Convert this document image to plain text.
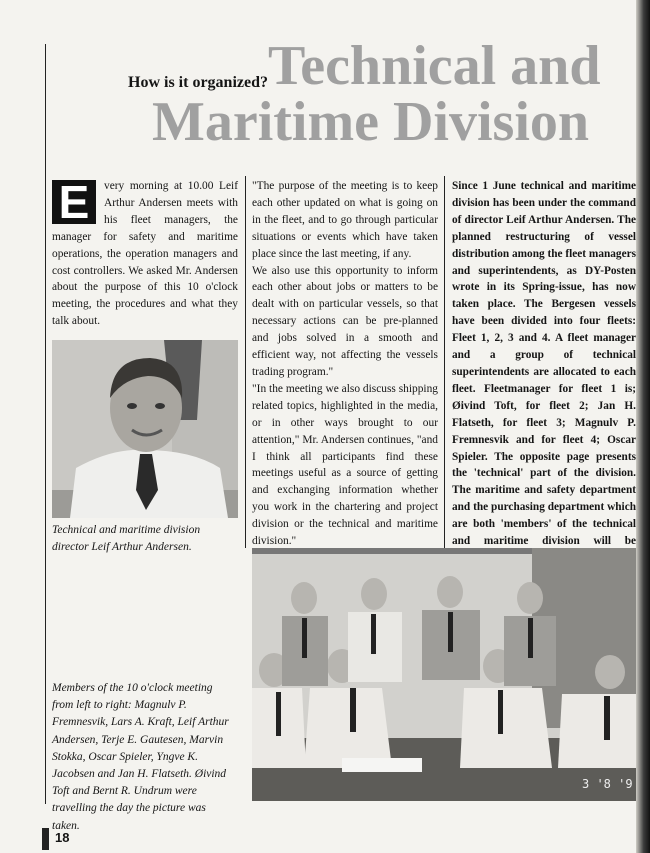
How is it organized? Technical and
Maritime Division
E	very morning at 10.00 Leif Arthur Andersen meets with his fleet managers, the manager for safety and maritime operations, the operation managers and cost controllers. We asked Mr. Andersen about the purpose of this 10 o'clock meeting, the procedures and what they talk about.

"The purpose of the meeting is to keep each other updated on what is going on in the fleet, and to go through particular situations or events which have taken place since the last meeting, if any.

We also use this opportunity to inform each other about jobs or matters to be dealt with on particular vessels, so that necessary actions can be pre-planned and jobs solved in a smooth and efficient way, not affecting the vessels trading program."

"In the meeting we also discuss shipping related topics, highlighted in the media, or in other ways brought to our attention," Mr. Andersen continues, "and I think all participants find these meetings useful as a source of getting and exchanging information whether you work in the chartering and project division or the technical and maritime division."

Since 1 June technical and maritime division has been under the command of director Leif Arthur Andersen. The planned restructuring of vessel distribution among the fleet managers and superintendents, as DY-Posten wrote in its Spring-issue, has now taken place. The Bergesen vessels have been divided into four fleets: Fleet 1, 2, 3 and 4. A fleet manager and a group of technical superintendents are allocated to each fleet. Fleetmanager for fleet 1 is; Øivind Toft, for fleet 2; Jan H. Flatseth, for fleet 3; Magnulv P. Fremnesvik and for fleet 4; Oscar Spieler. The opposite page presents the 'technical' part of the division. The maritime and safety department and the purchasing department which are both 'members' of the technical and maritime division will be

Technical and maritime division director Leif Arthur Andersen.
Members of the 10 o'clock meeting from left to right: Magnulv P. Fremnesvik, Lars A. Kraft, Leif Arthur Andersen, Terje E. Gautesen, Marvin Stokka, Oscar Spieler, Yngve K. Jacobsen and Jan H. Flatseth. Øivind Toft and Bernt R. Undrum were travelling the day the picture was taken.
3 '8 '9
18
